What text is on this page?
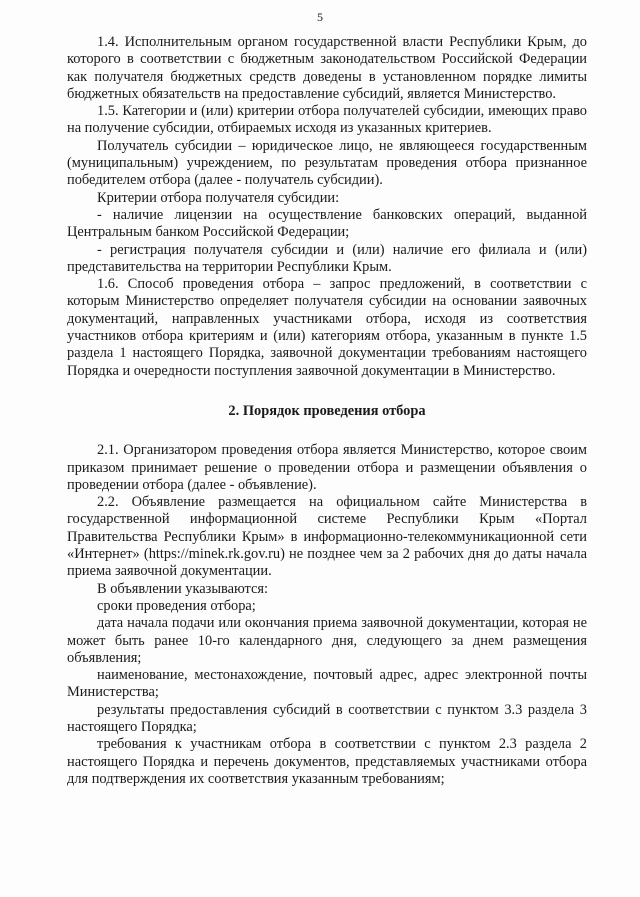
5

1.4. Исполнительным органом государственной власти Республики Крым, до которого в соответствии с бюджетным законодательством Российской Федерации как получателя бюджетных средств доведены в установленном порядке лимиты бюджетных обязательств на предоставление субсидий, является Министерство.

1.5. Категории и (или) критерии отбора получателей субсидии, имеющих право на получение субсидии, отбираемых исходя из указанных критериев.

Получатель субсидии – юридическое лицо, не являющееся государственным (муниципальным) учреждением, по результатам проведения отбора признанное победителем отбора (далее - получатель субсидии).

Критерии отбора получателя субсидии:

- наличие лицензии на осуществление банковских операций, выданной Центральным банком Российской Федерации;

- регистрация получателя субсидии и (или) наличие его филиала и (или) представительства на территории Республики Крым.

1.6. Способ проведения отбора – запрос предложений, в соответствии с которым Министерство определяет получателя субсидии на основании заявочных документаций, направленных участниками отбора, исходя из соответствия участников отбора критериям и (или) категориям отбора, указанным в пункте 1.5 раздела 1 настоящего Порядка, заявочной документации требованиям настоящего Порядка и очередности поступления заявочной документации в Министерство.

2. Порядок проведения отбора

2.1. Организатором проведения отбора является Министерство, которое своим приказом принимает решение о проведении отбора и размещении объявления о проведении отбора (далее - объявление).

2.2. Объявление размещается на официальном сайте Министерства в государственной информационной системе Республики Крым «Портал Правительства Республики Крым» в информационно-телекоммуникационной сети «Интернет» (https://minek.rk.gov.ru) не позднее чем за 2 рабочих дня до даты начала приема заявочной документации.

В объявлении указываются:

сроки проведения отбора;

дата начала подачи или окончания приема заявочной документации, которая не может быть ранее 10-го календарного дня, следующего за днем размещения объявления;

наименование, местонахождение, почтовый адрес, адрес электронной почты Министерства;

результаты предоставления субсидий в соответствии с пунктом 3.3 раздела 3 настоящего Порядка;

требования к участникам отбора в соответствии с пунктом 2.3 раздела 2 настоящего Порядка и перечень документов, представляемых участниками отбора для подтверждения их соответствия указанным требованиям;
